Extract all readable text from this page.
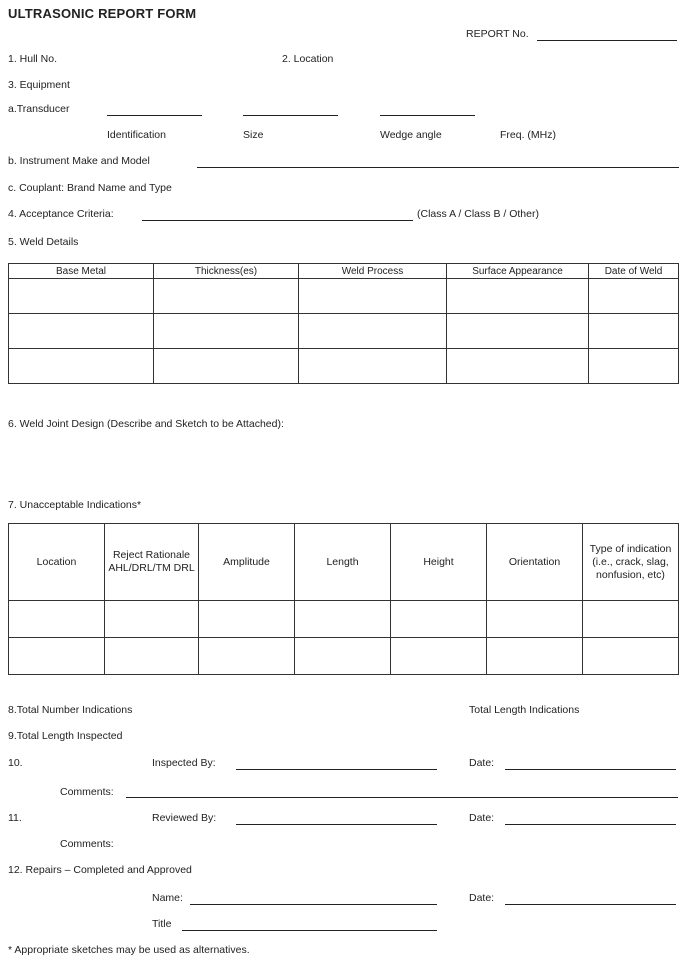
ULTRASONIC REPORT FORM
REPORT No.
1. Hull No.	2. Location
3. Equipment
a.Transducer
Identification	Size	Wedge angle	Freq. (MHz)
b. Instrument Make and Model
c. Couplant: Brand Name and Type
4. Acceptance Criteria:	(Class A / Class B / Other)
5. Weld Details
Base Metal	Thickness(es)	Weld Process	Surface Appearance	Date of Weld

6. Weld Joint Design (Describe and Sketch to be Attached):
7. Unacceptable Indications*
Location	Reject Rationale AHL/DRL/TM DRL	Amplitude	Length	Height	Orientation	Type of indication (i.e., crack, slag, nonfusion, etc)

8.Total Number Indications	Total Length Indications
9.Total Length Inspected
10.	Inspected By:	Date:
Comments:
11.	Reviewed By:	Date:
Comments:
12. Repairs – Completed and Approved
Name:	Date:
Title
* Appropriate sketches may be used as alternatives.
